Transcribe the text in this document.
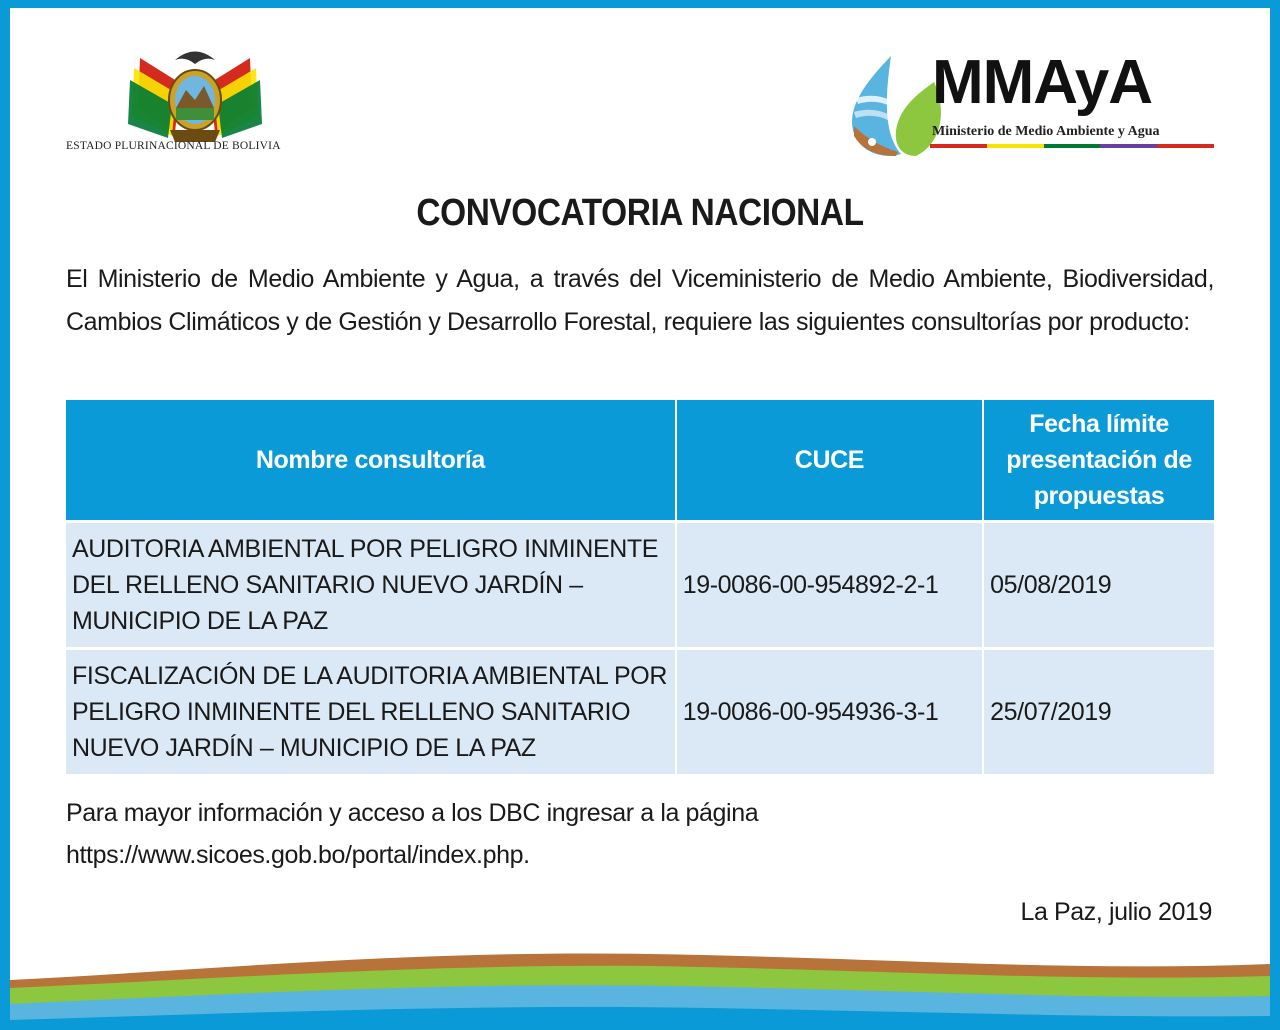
ESTADO PLURINACIONAL DE BOLIVIA
MMAyA
Ministerio de Medio Ambiente y Agua
CONVOCATORIA NACIONAL
El Ministerio de Medio Ambiente y Agua, a través del Viceministerio de Medio Ambiente, Biodiversidad, Cambios Climáticos y de Gestión y Desarrollo Forestal, requiere las siguientes consultorías por producto:
Nombre consultoría	CUCE	Fecha límite presentación de propuestas
AUDITORIA AMBIENTAL POR PELIGRO INMINENTE DEL RELLENO SANITARIO NUEVO JARDÍN – MUNICIPIO DE LA PAZ	19-0086-00-954892-2-1	05/08/2019
FISCALIZACIÓN DE LA AUDITORIA AMBIENTAL POR PELIGRO INMINENTE DEL RELLENO SANITARIO NUEVO JARDÍN – MUNICIPIO DE LA PAZ	19-0086-00-954936-3-1	25/07/2019
Para mayor información y acceso a los DBC ingresar a la página
https://www.sicoes.gob.bo/portal/index.php.
La Paz, julio 2019
